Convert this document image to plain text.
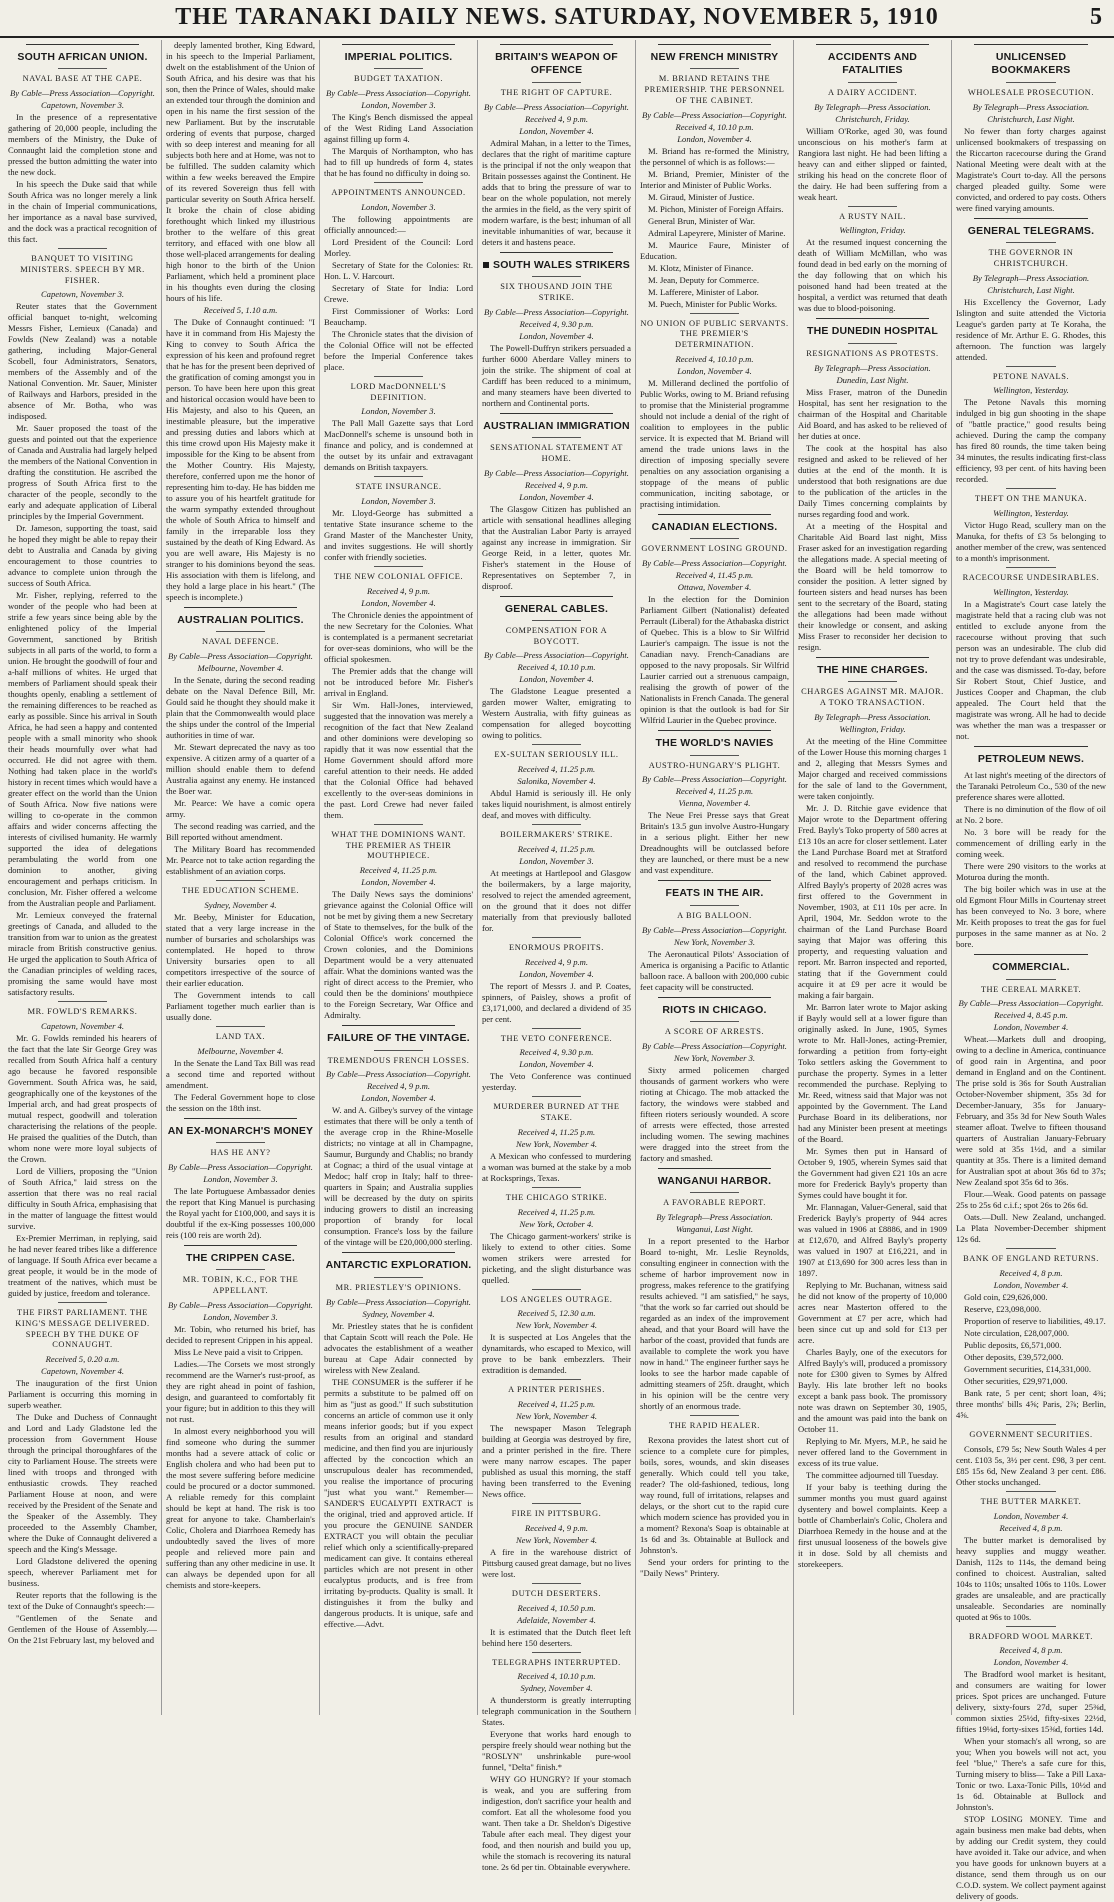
THE TARANAKI DAILY NEWS. SATURDAY, NOVEMBER 5, 1910	5
SOUTH AFRICAN UNION.
NAVAL BASE AT THE CAPE.
By Cable—Press Association—Copyright.
Capetown, November 3.
In the presence of a representative gathering of 20,000 people, including the members of the Ministry, the Duke of Connaught laid the completion stone and pressed the button admitting the water into the new dock.
In his speech the Duke said that while South Africa was no longer merely a link in the chain of Imperial communications, her importance as a naval base survived, and the dock was a practical recognition of this fact.
BANQUET TO VISITING MINISTERS. SPEECH BY MR. FISHER.
Capetown, November 3.
Reuter states that the Government official banquet to-night, welcoming Messrs Fisher, Lemieux (Canada) and Fowlds (New Zealand) was a notable gathering, including Major-General Scobell, four Administrators, Senators, members of the Assembly and of the National Convention. Mr. Sauer, Minister of Railways and Harbors, presided in the absence of Mr. Botha, who was indisposed.
Mr. Sauer proposed the toast of the guests and pointed out that the experience of Canada and Australia had largely helped the members of the National Convention in drafting the constitution. He ascribed the progress of South Africa first to the character of the people, secondly to the early and adequate application of Liberal principles by the Imperial Government.
Dr. Jameson, supporting the toast, said he hoped they might be able to repay their debt to Australia and Canada by giving encouragement to those countries to advance to complete union through the success of South Africa.
Mr. Fisher, replying, referred to the wonder of the people who had been at strife a few years since being able by the enlightened policy of the Imperial Government, sanctioned by British subjects in all parts of the world, to form a union. He brought the goodwill of four and a-half millions of whites. He urged that members of Parliament should speak their thoughts openly, enabling a settlement of the remaining differences to be reached as early as possible. Since his arrival in South Africa, he had seen a happy and contented people with a small minority who shook their heads mournfully over what had occurred. He did not agree with them. Nothing had taken place in the world's history in recent times which would have a greater effect on the world than the Union of South Africa. Now five nations were willing to co-operate in the common affairs and wider concerns affecting the interests of civilised humanity. He warmly supported the idea of delegations perambulating the world from one dominion to another, giving encouragement and perhaps criticism. In conclusion, Mr. Fisher offered a welcome from the Australian people and Parliament.
Mr. Lemieux conveyed the fraternal greetings of Canada, and alluded to the transition from war to union as the greatest miracle from British constructive genius. He urged the application to South Africa of the Canadian principles of welding races, promising the same would have most satisfactory results.
MR. FOWLD'S REMARKS.
Capetown, November 4.
Mr. G. Fowlds reminded his hearers of the fact that the late Sir George Grey was recalled from South Africa half a century ago because he favored responsible Government. South Africa was, he said, geographically one of the keystones of the Imperial arch, and had great prospects of mutual respect, goodwill and toleration characterising the relations of the people. He praised the qualities of the Dutch, than whom none were more loyal subjects of the Crown.
Lord de Villiers, proposing the "Union of South Africa," laid stress on the assertion that there was no real racial difficulty in South Africa, emphasising that in the matter of language the fittest would survive.
Ex-Premier Merriman, in replying, said he had never feared tribes like a difference of language. If South Africa ever became a great people, it would be in the mode of treatment of the natives, which must be guided by justice, freedom and tolerance.
THE FIRST PARLIAMENT. THE KING'S MESSAGE DELIVERED. SPEECH BY THE DUKE OF CONNAUGHT.
Received 5, 0.20 a.m.
Capetown, November 4.
The inauguration of the first Union Parliament is occurring this morning in superb weather.
The Duke and Duchess of Connaught and Lord and Lady Gladstone led the procession from Government House through the principal thoroughfares of the city to Parliament House. The streets were lined with troops and thronged with enthusiastic crowds. They reached Parliament House at noon, and were received by the President of the Senate and the Speaker of the Assembly. They proceeded to the Assembly Chamber, where the Duke of Connaught delivered a speech and the King's Message.
Lord Gladstone delivered the opening speech, wherever Parliament met for business.
Reuter reports that the following is the text of the Duke of Connaught's speech:—
"Gentlemen of the Senate and Gentlemen of the House of Assembly.—On the 21st February last, my beloved and
deeply lamented brother, King Edward, in his speech to the Imperial Parliament, dwelt on the establishment of the Union of South Africa, and his desire was that his son, then the Prince of Wales, should make an extended tour through the dominion and open in his name the first session of the new Parliament. But by the inscrutable ordering of events that purpose, charged with so deep interest and meaning for all subjects both here and at Home, was not to be fulfilled. The sudden calamity which within a few weeks bereaved the Empire of its revered Sovereign thus fell with particular severity on South Africa herself. It broke the chain of close abiding forethought which linked my illustrious brother to the welfare of this great territory, and effaced with one blow all those well-placed arrangements for dealing high honor to the birth of the Union Parliament, which held a prominent place in his thoughts even during the closing hours of his life.
Received 5, 1.10 a.m.
The Duke of Connaught continued: "I have it in command from His Majesty the King to convey to South Africa the expression of his keen and profound regret that he has for the present been deprived of the gratification of coming amongst you in person. To have been here upon this great and historical occasion would have been to His Majesty, and also to his Queen, an inestimable pleasure, but the imperative and pressing duties and labors which at this time crowd upon His Majesty make it impossible for the King to be absent from the Mother Country. His Majesty, therefore, conferred upon me the honor of representing him to-day. He has bidden me to assure you of his heartfelt gratitude for the warm sympathy extended throughout the whole of South Africa to himself and family in the irreparable loss they sustained by the death of King Edward. As you are well aware, His Majesty is no stranger to his dominions beyond the seas. His association with them is lifelong, and they hold a large place in his heart." (The speech is incomplete.)
AUSTRALIAN POLITICS.
NAVAL DEFENCE.
By Cable—Press Association—Copyright.
Melbourne, November 4.
In the Senate, during the second reading debate on the Naval Defence Bill, Mr. Gould said he thought they should make it plain that the Commonwealth would place the ships under the control of the Imperial authorities in time of war.
Mr. Stewart deprecated the navy as too expensive. A citizen army of a quarter of a million should enable them to defend Australia against any enemy. He instanced the Boer war.
Mr. Pearce: We have a comic opera army.
The second reading was carried, and the Bill reported without amendment.
The Military Board has recommended Mr. Pearce not to take action regarding the establishment of an aviation corps.
THE EDUCATION SCHEME.
Sydney, November 4.
Mr. Beeby, Minister for Education, stated that a very large increase in the number of bursaries and scholarships was contemplated. He hoped to throw University bursaries open to all competitors irrespective of the source of their earlier education.
The Government intends to call Parliament together much earlier than is usually done.
LAND TAX.
Melbourne, November 4.
In the Senate the Land Tax Bill was read a second time and reported without amendment.
The Federal Government hope to close the session on the 18th inst.
AN EX-MONARCH'S MONEY
HAS HE ANY?
By Cable—Press Association—Copyright.
London, November 3.
The late Portuguese Ambassador denies the report that King Manuel is purchasing the Royal yacht for £100,000, and says it is doubtful if the ex-King possesses 100,000 reis (100 reis are worth 2d).
THE CRIPPEN CASE.
MR. TOBIN, K.C., FOR THE APPELLANT.
By Cable—Press Association—Copyright.
London, November 3.
Mr. Tobin, who returned his brief, has decided to represent Crippen in his appeal.
Miss Le Neve paid a visit to Crippen.
Ladies.—The Corsets we most strongly recommend are the Warner's rust-proof, as they are right ahead in point of fashion, design, and guaranteed to comfortably fit your figure; but in addition to this they will not rust.
In almost every neighborhood you will find someone who during the summer months had a severe attack of colic or English cholera and who had been put to the most severe suffering before medicine could be procured or a doctor summoned. A reliable remedy for this complaint should be kept at hand. The risk is too great for anyone to take. Chamberlain's Colic, Cholera and Diarrhoea Remedy has undoubtedly saved the lives of more people and relieved more pain and suffering than any other medicine in use. It can always be depended upon for all chemists and store-keepers.
IMPERIAL POLITICS.
BUDGET TAXATION.
By Cable—Press Association—Copyright.
London, November 3.
The King's Bench dismissed the appeal of the West Riding Land Association against filling up form 4.
The Marquis of Northampton, who has had to fill up hundreds of form 4, states that he has found no difficulty in doing so.
APPOINTMENTS ANNOUNCED.
London, November 3.
The following appointments are officially announced:—
Lord President of the Council: Lord Morley.
Secretary of State for the Colonies: Rt. Hon. L. V. Harcourt.
Secretary of State for India: Lord Crewe.
First Commissioner of Works: Lord Beauchamp.
The Chronicle states that the division of the Colonial Office will not be effected before the Imperial Conference takes place.
LORD MacDONNELL'S DEFINITION.
London, November 3.
The Pall Mall Gazette says that Lord MacDonnell's scheme is unsound both in finance and policy, and is condemned at the outset by its unfair and extravagant demands on British taxpayers.
STATE INSURANCE.
London, November 3.
Mr. Lloyd-George has submitted a tentative State insurance scheme to the Grand Master of the Manchester Unity, and invites suggestions. He will shortly confer with friendly societies.
THE NEW COLONIAL OFFICE.
Received 4, 9 p.m.
London, November 4.
The Chronicle denies the appointment of the new Secretary for the Colonies. What is contemplated is a permanent secretariat for over-seas dominions, who will be the official spokesmen.
The Premier adds that the change will not be introduced before Mr. Fisher's arrival in England.
Sir Wm. Hall-Jones, interviewed, suggested that the innovation was merely a recognition of the fact that New Zealand and other dominions were developing so rapidly that it was now essential that the Home Government should afford more careful attention to their needs. He added that the Colonial Office had behaved excellently to the over-seas dominions in the past. Lord Crewe had never failed them.
WHAT THE DOMINIONS WANT. THE PREMIER AS THEIR MOUTHPIECE.
Received 4, 11.25 p.m.
London, November 4.
The Daily News says the dominions' grievance against the Colonial Office will not be met by giving them a new Secretary of State to themselves, for the bulk of the Colonial Office's work concerned the Crown colonies, and the Dominions Department would be a very attenuated affair. What the dominions wanted was the right of direct access to the Premier, who could then be the dominions' mouthpiece to the Foreign Secretary, War Office and Admiralty.
FAILURE OF THE VINTAGE.
TREMENDOUS FRENCH LOSSES.
By Cable—Press Association—Copyright.
Received 4, 9 p.m.
London, November 4.
W. and A. Gilbey's survey of the vintage estimates that there will be only a tenth of the average crop in the Rhine-Moselle districts; no vintage at all in Champagne, Saumur, Burgundy and Chablis; no brandy at Cognac; a third of the usual vintage at Medoc; half crop in Italy; half to three-quarters in Spain; and Australia supplies will be decreased by the duty on spirits inducing growers to distil an increasing proportion of brandy for local consumption. France's loss by the failure of the vintage will be £20,000,000 sterling.
ANTARCTIC EXPLORATION.
MR. PRIESTLEY'S OPINIONS.
By Cable—Press Association—Copyright.
Sydney, November 4.
Mr. Priestley states that he is confident that Captain Scott will reach the Pole. He advocates the establishment of a weather bureau at Cape Adair connected by wireless with New Zealand.
THE CONSUMER is the sufferer if he permits a substitute to be palmed off on him as "just as good." If such substitution concerns an article of common use it only means inferior goods; but if you expect results from an original and standard medicine, and then find you are injuriously affected by the concoction which an unscrupulous dealer has recommended, you realise the importance of procuring "just what you want." Remember—SANDER'S EUCALYPTI EXTRACT is the original, tried and approved article. If you procure the GENUINE SANDER EXTRACT you will obtain the peculiar relief which only a scientifically-prepared medicament can give. It contains ethereal particles which are not present in other eucalyptus products, and is free from irritating by-products. Quality is small. It distinguishes it from the bulky and dangerous products. It is unique, safe and effective.—Advt.
BRITAIN'S WEAPON OF OFFENCE
THE RIGHT OF CAPTURE.
By Cable—Press Association—Copyright.
Received 4, 9 p.m.
London, November 4.
Admiral Mahan, in a letter to the Times, declares that the right of maritime capture is the principal if not the only weapon that Britain possesses against the Continent. He adds that to bring the pressure of war to bear on the whole population, not merely the armies in the field, as the very spirit of modern warfare, is the best; inhuman of all inevitable inhumanities of war, because it deters it and hastens peace.
SOUTH WALES STRIKERS
SIX THOUSAND JOIN THE STRIKE.
By Cable—Press Association—Copyright.
Received 4, 9.30 p.m.
London, November 4.
The Powell-Duffryn strikers persuaded a further 6000 Aberdare Valley miners to join the strike. The shipment of coal at Cardiff has been reduced to a minimum, and many steamers have been diverted to northern and Continental ports.
AUSTRALIAN IMMIGRATION
SENSATIONAL STATEMENT AT HOME.
By Cable—Press Association—Copyright.
Received 4, 9 p.m.
London, November 4.
The Glasgow Citizen has published an article with sensational headlines alleging that the Australian Labor Party is arrayed against any increase in immigration. Sir George Reid, in a letter, quotes Mr. Fisher's statement in the House of Representatives on September 7, in disproof.
GENERAL CABLES.
COMPENSATION FOR A BOYCOTT.
By Cable—Press Association—Copyright.
Received 4, 10.10 p.m.
London, November 4.
The Gladstone League presented a garden mower Walter, emigrating to Western Australia, with fifty guineas as compensation for alleged boycotting owing to politics.
EX-SULTAN SERIOUSLY ILL.
Received 4, 11.25 p.m.
Salonika, November 4.
Abdul Hamid is seriously ill. He only takes liquid nourishment, is almost entirely deaf, and moves with difficulty.
BOILERMAKERS' STRIKE.
Received 4, 11.25 p.m.
London, November 3.
At meetings at Hartlepool and Glasgow the boilermakers, by a large majority, resolved to reject the amended agreement, on the ground that it does not differ materially from that previously balloted for.
ENORMOUS PROFITS.
Received 4, 9 p.m.
London, November 4.
The report of Messrs J. and P. Coates, spinners, of Paisley, shows a profit of £3,171,000, and declared a dividend of 35 per cent.
THE VETO CONFERENCE.
Received 4, 9.30 p.m.
London, November 4.
The Veto Conference was continued yesterday.
MURDERER BURNED AT THE STAKE.
Received 4, 11.25 p.m.
New York, November 4.
A Mexican who confessed to murdering a woman was burned at the stake by a mob at Rocksprings, Texas.
THE CHICAGO STRIKE.
Received 4, 11.25 p.m.
New York, October 4.
The Chicago garment-workers' strike is likely to extend to other cities. Some women strikers were arrested for picketing, and the slight disturbance was quelled.
LOS ANGELES OUTRAGE.
Received 5, 12.30 a.m.
New York, November 4.
It is suspected at Los Angeles that the dynamitards, who escaped to Mexico, will prove to be bank embezzlers. Their extradition is demanded.
A PRINTER PERISHES.
Received 4, 11.25 p.m.
New York, November 4.
The newspaper Mason Telegraph building at Georgia was destroyed by fire, and a printer perished in the fire. There were many narrow escapes. The paper published as usual this morning, the staff having been transferred to the Evening News office.
FIRE IN PITTSBURG.
Received 4, 9 p.m.
New York, November 4.
A fire in the warehouse district of Pittsburg caused great damage, but no lives were lost.
DUTCH DESERTERS.
Received 4, 10.50 p.m.
Adelaide, November 4.
It is estimated that the Dutch fleet left behind here 150 deserters.
TELEGRAPHS INTERRUPTED.
Received 4, 10.10 p.m.
Sydney, November 4.
A thunderstorm is greatly interrupting telegraph communication in the Southern States.
Everyone that works hard enough to perspire freely should wear nothing but the "ROSLYN" unshrinkable pure-wool funnel, "Delta" finish.*
WHY GO HUNGRY? If your stomach is weak, and you are suffering from indigestion, don't sacrifice your health and comfort. Eat all the wholesome food you want. Then take a Dr. Sheldon's Digestive Tabule after each meal. They digest your food, and then nourish and build you up, while the stomach is recovering its natural tone. 2s 6d per tin. Obtainable everywhere.
NEW FRENCH MINISTRY
M. BRIAND RETAINS THE PREMIERSHIP. THE PERSONNEL OF THE CABINET.
By Cable—Press Association—Copyright.
Received 4, 10.10 p.m.
London, November 4.
M. Briand has re-formed the Ministry, the personnel of which is as follows:—
M. Briand, Premier, Minister of the Interior and Minister of Public Works.
M. Giraud, Minister of Justice.
M. Pichon, Minister of Foreign Affairs.
General Brun, Minister of War.
Admiral Lapeyrere, Minister of Marine.
M. Maurice Faure, Minister of Education.
M. Klotz, Minister of Finance.
M. Jean, Deputy for Commerce.
M. Lafferere, Minister of Labor.
M. Puech, Minister for Public Works.
NO UNION OF PUBLIC SERVANTS. THE PREMIER'S DETERMINATION.
Received 4, 10.10 p.m.
London, November 4.
M. Millerand declined the portfolio of Public Works, owing to M. Briand refusing to promise that the Ministerial programme should not include a denial of the right of coalition to employees in the public service. It is expected that M. Briand will amend the trade unions laws in the direction of imposing specially severe penalties on any association organising a stoppage of the means of public communication, inciting sabotage, or practising intimidation.
CANADIAN ELECTIONS.
GOVERNMENT LOSING GROUND.
By Cable—Press Association—Copyright.
Received 4, 11.45 p.m.
Ottawa, November 4.
In the election for the Dominion Parliament Gilbert (Nationalist) defeated Perrault (Liberal) for the Athabaska district of Quebec. This is a blow to Sir Wilfrid Laurier's campaign. The issue is not the Canadian navy. French-Canadians are opposed to the navy proposals. Sir Wilfrid Laurier carried out a strenuous campaign, realising the growth of power of the Nationalists in French Canada. The general opinion is that the outlook is bad for Sir Wilfrid Laurier in the Quebec province.
THE WORLD'S NAVIES
AUSTRO-HUNGARY'S PLIGHT.
By Cable—Press Association—Copyright.
Received 4, 11.25 p.m.
Vienna, November 4.
The Neue Frei Presse says that Great Britain's 13.5 gun involve Austro-Hungary in a serious plight. Either her new Dreadnoughts will be outclassed before they are launched, or there must be a new and vast expenditure.
FEATS IN THE AIR.
A BIG BALLOON.
By Cable—Press Association—Copyright.
New York, November 3.
The Aeronautical Pilots' Association of America is organising a Pacific to Atlantic balloon race. A balloon with 200,000 cubic feet capacity will be constructed.
RIOTS IN CHICAGO.
A SCORE OF ARRESTS.
By Cable—Press Association—Copyright.
New York, November 3.
Sixty armed policemen charged thousands of garment workers who were rioting at Chicago. The mob attacked the factory, the windows were stabbed and fifteen rioters seriously wounded. A score of arrests were effected, those arrested including women. The sewing machines were dragged into the street from the factory and smashed.
WANGANUI HARBOR.
A FAVORABLE REPORT.
By Telegraph—Press Association.
Wanganui, Last Night.
In a report presented to the Harbor Board to-night, Mr. Leslie Reynolds, consulting engineer in connection with the scheme of harbor improvement now in progress, makes reference to the gratifying results achieved. "I am satisfied," he says, "that the work so far carried out should be regarded as an index of the improvement ahead, and that your Board will have the harbor of the coast, provided that funds are available to complete the work you have now in hand." The engineer further says he looks to see the harbor made capable of admitting steamers of 25ft. draught, which in his opinion will be the centre very shortly of an enormous trade.
THE RAPID HEALER.
Rexona provides the latest short cut of science to a complete cure for pimples, boils, sores, wounds, and skin diseases generally. Which could tell you take, reader? The old-fashioned, tedious, long way round, full of irritations, relapses and delays, or the short cut to the rapid cure which modern science has provided you in a moment? Rexona's Soap is obtainable at 1s 6d and 3s. Obtainable at Bullock and Johnston's.
Send your orders for printing to the "Daily News" Printery.
ACCIDENTS AND FATALITIES
A DAIRY ACCIDENT.
By Telegraph—Press Association.
Christchurch, Friday.
William O'Rorke, aged 30, was found unconscious on his mother's farm at Rangiora last night. He had been lifting a heavy can and either slipped or fainted, striking his head on the concrete floor of the dairy. He had been suffering from a weak heart.
A RUSTY NAIL.
Wellington, Friday.
At the resumed inquest concerning the death of William McMillan, who was found dead in bed early on the morning of the day following that on which his poisoned hand had been treated at the hospital, a verdict was returned that death was due to blood-poisoning.
THE DUNEDIN HOSPITAL
RESIGNATIONS AS PROTESTS.
By Telegraph—Press Association.
Dunedin, Last Night.
Miss Fraser, matron of the Dunedin Hospital, has sent her resignation to the chairman of the Hospital and Charitable Aid Board, and has asked to be relieved of her duties at once.
The cook at the hospital has also resigned and asked to be relieved of her duties at the end of the month. It is understood that both resignations are due to the publication of the articles in the Daily Times concerning complaints by nurses regarding food and work.
At a meeting of the Hospital and Charitable Aid Board last night, Miss Fraser asked for an investigation regarding the allegations made. A special meeting of the Board will be held tomorrow to consider the position. A letter signed by fourteen sisters and head nurses has been sent to the secretary of the Board, stating the allegations had been made without their knowledge or consent, and asking Miss Fraser to reconsider her decision to resign.
THE HINE CHARGES.
CHARGES AGAINST MR. MAJOR. A TOKO TRANSACTION.
By Telegraph—Press Association.
Wellington, Friday.
At the meeting of the Hine Committee of the Lower House this morning charges 1 and 2, alleging that Messrs Symes and Major charged and received commissions for the sale of land to the Government, were taken conjointly.
Mr. J. D. Ritchie gave evidence that Major wrote to the Department offering Fred. Bayly's Toko property of 580 acres at £13 10s an acre for closer settlement. Later the Land Purchase Board met at Stratford and resolved to recommend the purchase of the land, which Cabinet approved. Alfred Bayly's property of 2028 acres was first offered to the Government in November, 1903, at £11 10s per acre. In April, 1904, Mr. Seddon wrote to the chairman of the Land Purchase Board saying that Major was offering this property, and requesting valuation and report. Mr. Barron inspected and reported, stating that if the Government could acquire it at £9 per acre it would be making a fair bargain.
Mr. Barron later wrote to Major asking if Bayly would sell at a lower figure than originally asked. In June, 1905, Symes wrote to Mr. Hall-Jones, acting-Premier, forwarding a petition from forty-eight Toko settlers asking the Government to purchase the property. Symes in a letter recommended the purchase. Replying to Mr. Reed, witness said that Major was not appointed by the Government. The Land Purchase Board in its deliberations, nor had any Minister been present at meetings of the Board.
Mr. Symes then put in Hansard of October 9, 1905, wherein Symes said that the Government had given £21 10s an acre more for Frederick Bayly's property than Symes could have bought it for.
Mr. Flannagan, Valuer-General, said that Frederick Bayly's property of 944 acres was valued in 1906 at £8886, and in 1909 at £12,670, and Alfred Bayly's property was valued in 1907 at £16,221, and in 1907 at £13,690 for 300 acres less than in 1897.
Replying to Mr. Buchanan, witness said he did not know of the property of 10,000 acres near Masterton offered to the Government at £7 per acre, which had been since cut up and sold for £13 per acre.
Charles Bayly, one of the executors for Alfred Bayly's will, produced a promissory note for £300 given to Symes by Alfred Bayly. His late brother left no books except a bank pass book. The promissory note was drawn on September 30, 1905, and the amount was paid into the bank on October 11.
Replying to Mr. Myers, M.P., he said he never offered land to the Government in excess of its true value.
The committee adjourned till Tuesday.
If your baby is teething during the summer months you must guard against dysentery and bowel complaints. Keep a bottle of Chamberlain's Colic, Cholera and Diarrhoea Remedy in the house and at the first unusual looseness of the bowels give it in dose. Sold by all chemists and storekeepers.
UNLICENSED BOOKMAKERS
WHOLESALE PROSECUTION.
By Telegraph—Press Association.
Christchurch, Last Night.
No fewer than forty charges against unlicensed bookmakers of trespassing on the Riccarton racecourse during the Grand National Meeting were dealt with at the Magistrate's Court to-day. All the persons charged pleaded guilty. Some were convicted, and ordered to pay costs. Others were fined varying amounts.
GENERAL TELEGRAMS.
THE GOVERNOR IN CHRISTCHURCH.
By Telegraph—Press Association.
Christchurch, Last Night.
His Excellency the Governor, Lady Islington and suite attended the Victoria League's garden party at Te Koraha, the residence of Mr. Arthur E. G. Rhodes, this afternoon. The function was largely attended.
PETONE NAVALS.
Wellington, Yesterday.
The Petone Navals this morning indulged in big gun shooting in the shape of "battle practice," good results being achieved. During the camp the company has fired 80 rounds, the time taken being 34 minutes, the results indicating first-class efficiency, 93 per cent. of hits having been recorded.
THEFT ON THE MANUKA.
Wellington, Yesterday.
Victor Hugo Read, scullery man on the Manuka, for thefts of £3 5s belonging to another member of the crew, was sentenced to a month's imprisonment.
RACECOURSE UNDESIRABLES.
Wellington, Yesterday.
In a Magistrate's Court case lately the magistrate held that a racing club was not entitled to exclude anyone from the racecourse without proving that such person was an undesirable. The club did not try to prove defendant was undesirable, and the case was dismissed. To-day, before Sir Robert Stout, Chief Justice, and Justices Cooper and Chapman, the club appealed. The Court held that the magistrate was wrong. All he had to decide was whether the man was a trespasser or not.
PETROLEUM NEWS.
At last night's meeting of the directors of the Taranaki Petroleum Co., 530 of the new preference shares were allotted.
There is no diminution of the flow of oil at No. 2 bore.
No. 3 bore will be ready for the commencement of drilling early in the coming week.
There were 290 visitors to the works at Moturoa during the month.
The big boiler which was in use at the old Egmont Flour Mills in Courtenay street has been conveyed to No. 3 bore, where Mr. Keith proposes to treat the gas for fuel purposes in the same manner as at No. 2 bore.
COMMERCIAL.
THE CEREAL MARKET.
By Cable—Press Association—Copyright.
Received 4, 8.45 p.m.
London, November 4.
Wheat.—Markets dull and drooping, owing to a decline in America, continuance of good rain in Argentina, and poor demand in England and on the Continent. The prise sold is 36s for South Australian October-November shipment, 35s 3d for December-January, 35s for January-February, and 35s 3d for New South Wales steamer afloat. Twelve to fifteen thousand quarters of Australian January-February were sold at 35s 1½d, and a similar quantity at 35s. There is a limited demand for Australian spot at about 36s 6d to 37s; New Zealand spot 35s 6d to 36s.
Flour.—Weak. Good patents on passage 25s to 25s 6d c.i.f.; spot 26s to 26s 6d.
Oats.—Dull. New Zealand, unchanged. La Plata November-December shipment 12s 6d.
BANK OF ENGLAND RETURNS.
Received 4, 8 p.m.
London, November 4.
Gold coin, £29,626,000.
Reserve, £23,098,000.
Proportion of reserve to liabilities, 49.17.
Note circulation, £28,007,000.
Public deposits, £6,571,000.
Other deposits, £39,572,000.
Government securities, £14,331,000.
Other securities, £29,971,000.
Bank rate, 5 per cent; short loan, 4¾; three months' bills 4⅝; Paris, 2⅞; Berlin, 4⅝.
GOVERNMENT SECURITIES.
Consols, £79 5s; New South Wales 4 per cent. £103 5s, 3½ per cent. £98, 3 per cent. £85 15s 6d, New Zealand 3 per cent. £86. Other stocks unchanged.
THE BUTTER MARKET.
London, November 4.
Received 4, 8 p.m.
The butter market is demoralised by heavy supplies and muggy weather. Danish, 112s to 114s, the demand being confined to choicest. Australian, salted 104s to 110s; unsalted 106s to 110s. Lower grades are unsaleable, and are practically unsaleable. Secondaries are nominally quoted at 96s to 100s.
BRADFORD WOOL MARKET.
Received 4, 8 p.m.
London, November 4.
The Bradford wool market is hesitant, and consumers are waiting for lower prices. Spot prices are unchanged. Future delivery, sixty-fours 27d, super 25⅜d, common sixties 25½d, fifty-sixes 22½d, fifties 19⅛d, forty-sixes 15⅜d, forties 14d.
When your stomach's all wrong, so are you; When you bowels will not act, you feel "blue," There's a safe cure for this, Turning misery to bliss— Take a Pill Laxa-Tonic or two. Laxa-Tonic Pills, 10½d and 1s 6d. Obtainable at Bullock and Johnston's.
STOP LOSING MONEY. Time and again business men make bad debts, when by adding our Credit system, they could have avoided it. Take our advice, and when you have goods for unknown buyers at a distance, send them through us on our C.O.D. system. We collect payment against delivery of goods.
